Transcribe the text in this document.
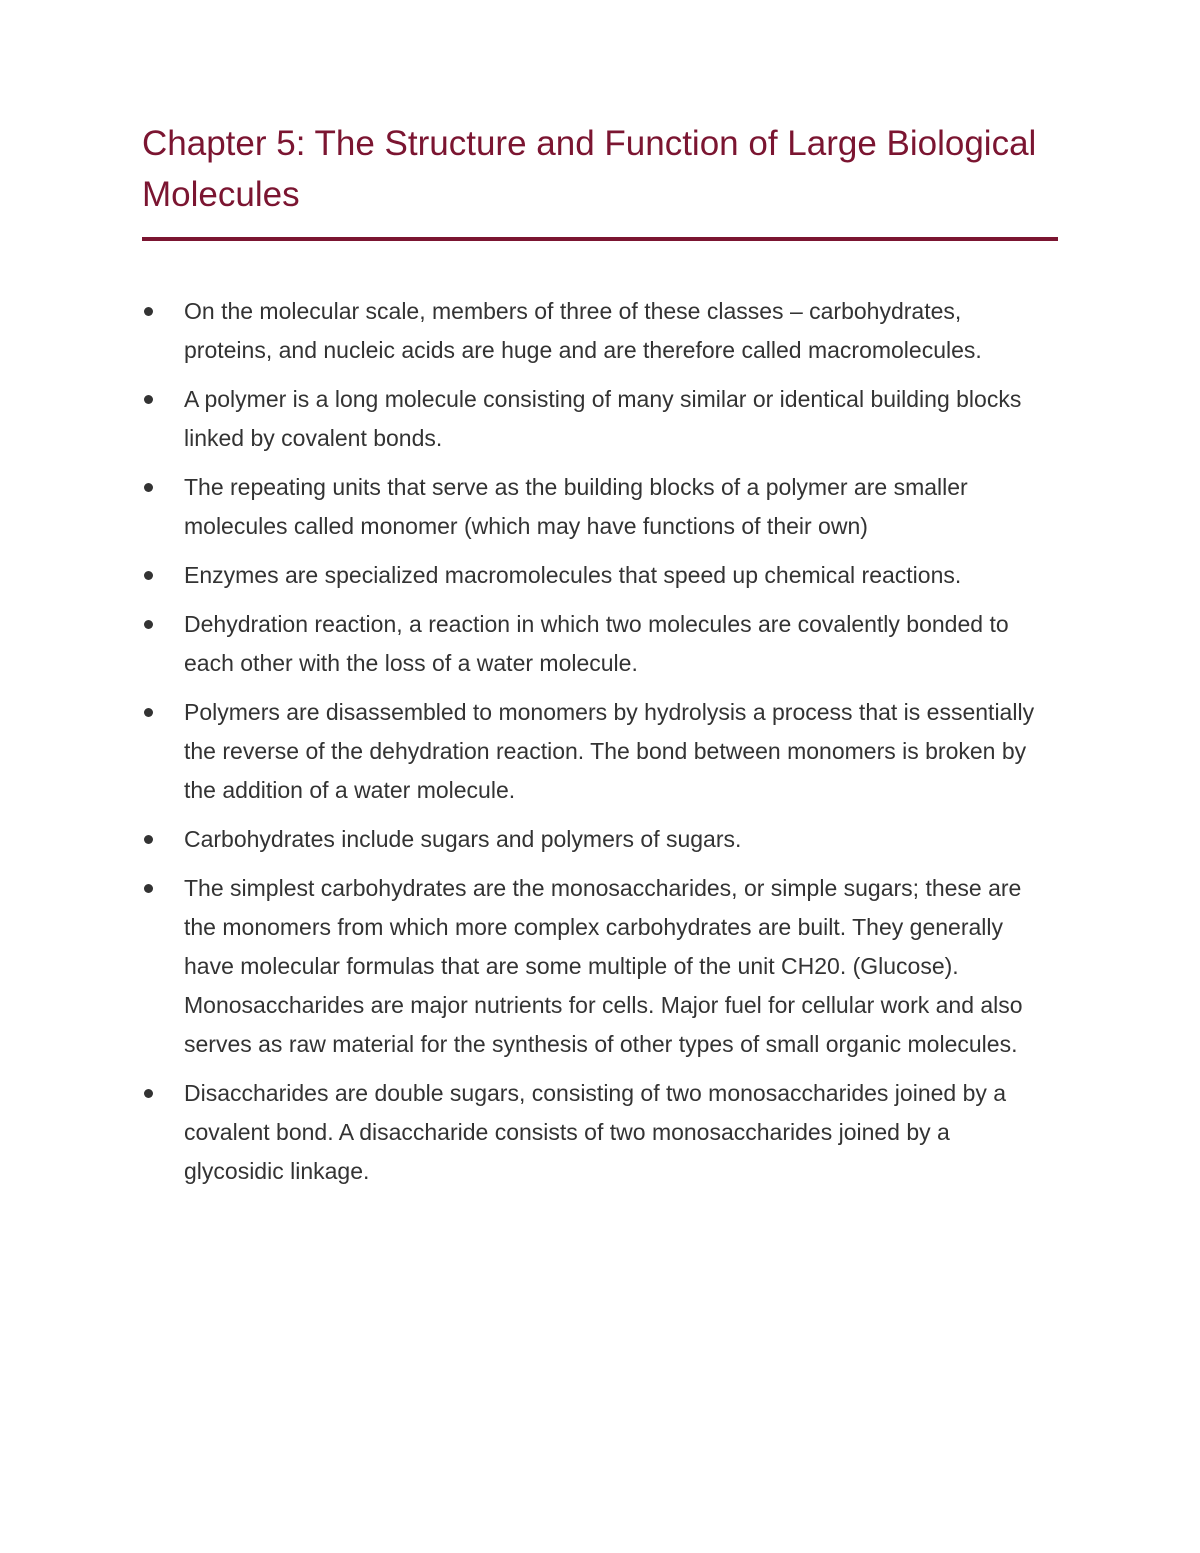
Chapter 5: The Structure and Function of Large Biological Molecules
On the molecular scale, members of three of these classes – carbohydrates, proteins, and nucleic acids are huge and are therefore called macromolecules.
A polymer is a long molecule consisting of many similar or identical building blocks linked by covalent bonds.
The repeating units that serve as the building blocks of a polymer are smaller molecules called monomer (which may have functions of their own)
Enzymes are specialized macromolecules that speed up chemical reactions.
Dehydration reaction, a reaction in which two molecules are covalently bonded to each other with the loss of a water molecule.
Polymers are disassembled to monomers by hydrolysis a process that is essentially the reverse of the dehydration reaction. The bond between monomers is broken by the addition of a water molecule.
Carbohydrates include sugars and polymers of sugars.
The simplest carbohydrates are the monosaccharides, or simple sugars; these are the monomers from which more complex carbohydrates are built. They generally have molecular formulas that are some multiple of the unit CH20. (Glucose). Monosaccharides are major nutrients for cells. Major fuel for cellular work and also serves as raw material for the synthesis of other types of small organic molecules.
Disaccharides are double sugars, consisting of two monosaccharides joined by a covalent bond. A disaccharide consists of two monosaccharides joined by a glycosidic linkage.
